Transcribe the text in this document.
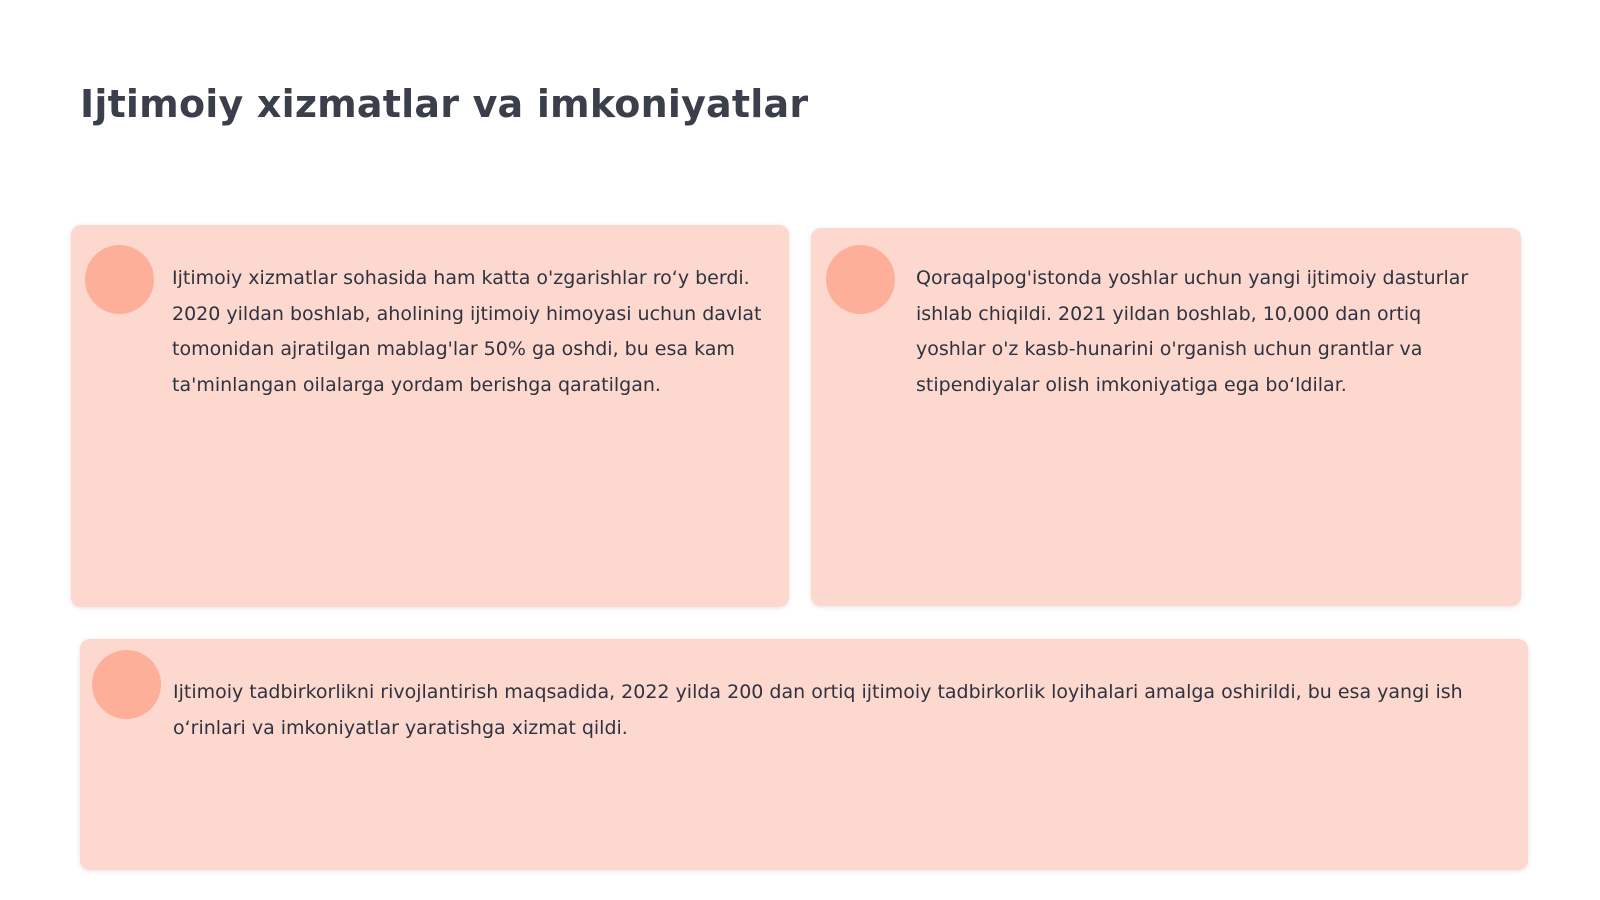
Ijtimoiy xizmatlar va imkoniyatlar

Ijtimoiy xizmatlar sohasida ham katta o'zgarishlar ro‘y berdi. 2020 yildan boshlab, aholining ijtimoiy himoyasi uchun davlat tomonidan ajratilgan mablag'lar 50% ga oshdi, bu esa kam ta'minlangan oilalarga yordam berishga qaratilgan.

Qoraqalpog'istonda yoshlar uchun yangi ijtimoiy dasturlar ishlab chiqildi. 2021 yildan boshlab, 10,000 dan ortiq yoshlar o'z kasb-hunarini o'rganish uchun grantlar va stipendiyalar olish imkoniyatiga ega bo‘ldilar.

Ijtimoiy tadbirkorlikni rivojlantirish maqsadida, 2022 yilda 200 dan ortiq ijtimoiy tadbirkorlik loyihalari amalga oshirildi, bu esa yangi ish o‘rinlari va imkoniyatlar yaratishga xizmat qildi.
